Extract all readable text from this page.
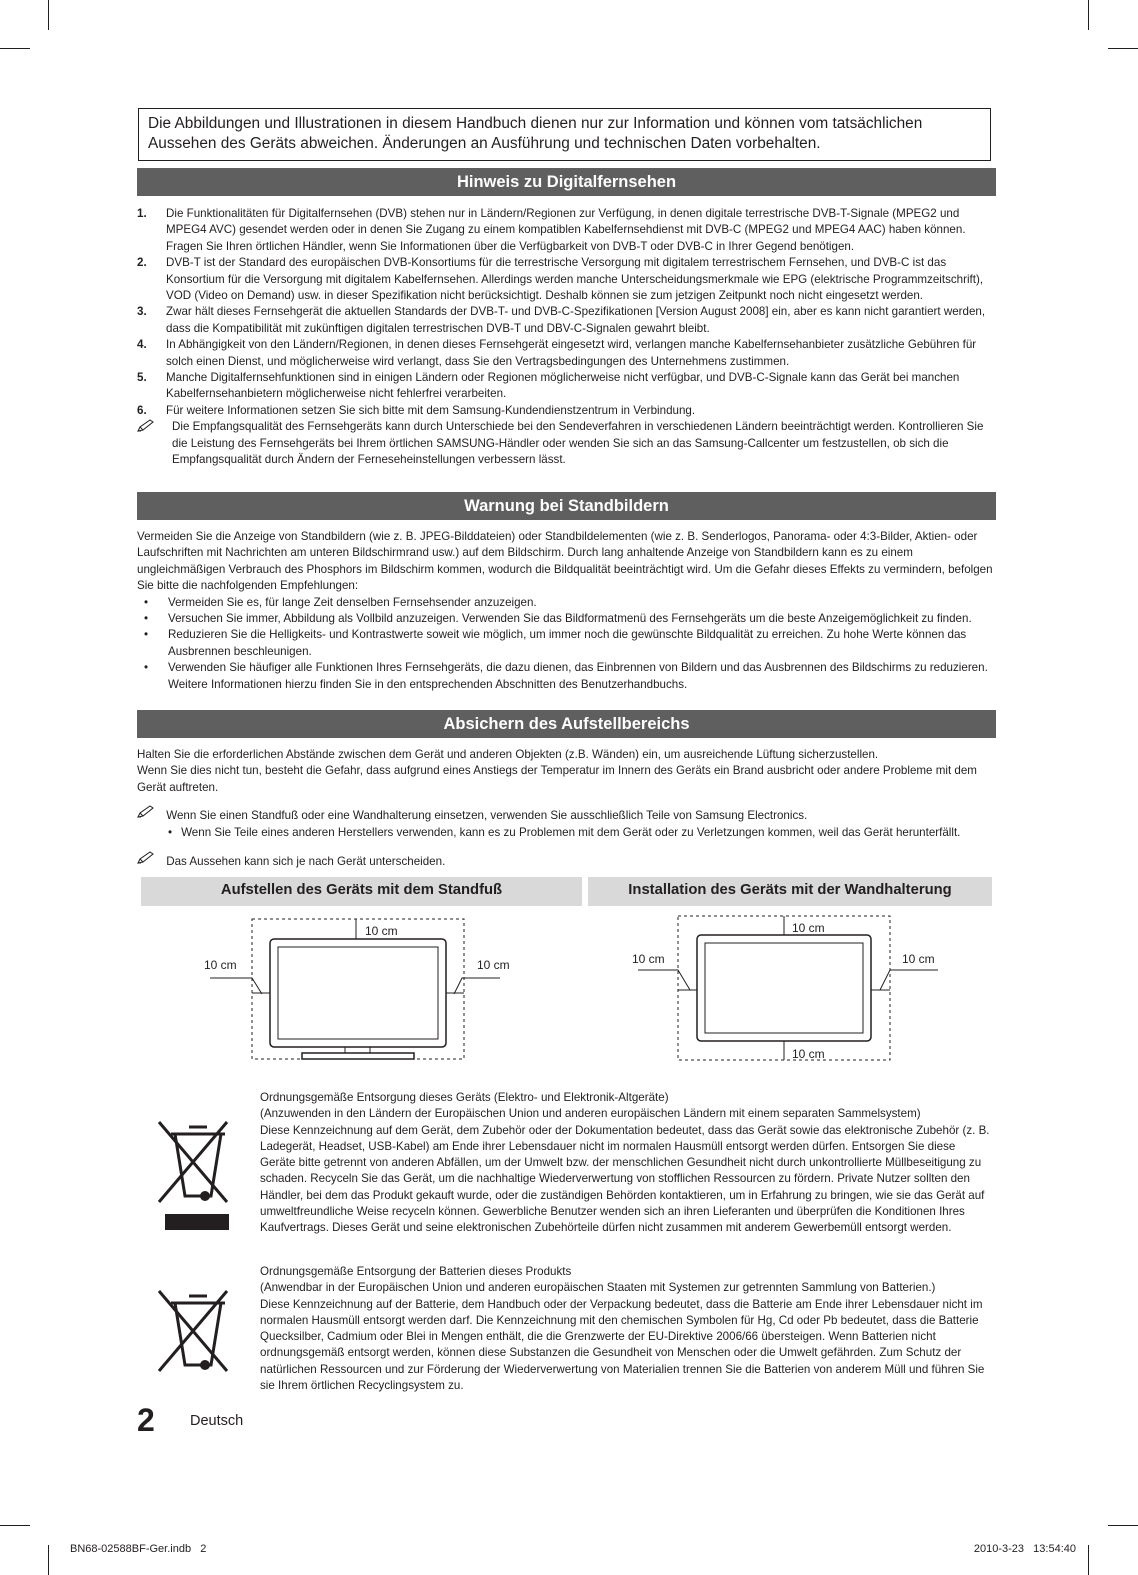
Die Abbildungen und Illustrationen in diesem Handbuch dienen nur zur Information und können vom tatsächlichen Aussehen des Geräts abweichen. Änderungen an Ausführung und technischen Daten vorbehalten.
Hinweis zu Digitalfernsehen
1. Die Funktionalitäten für Digitalfernsehen (DVB) stehen nur in Ländern/Regionen zur Verfügung, in denen digitale terrestrische DVB-T-Signale (MPEG2 und MPEG4 AVC) gesendet werden oder in denen Sie Zugang zu einem kompatiblen Kabelfernsehdienst mit DVB-C (MPEG2 und MPEG4 AAC) haben können. Fragen Sie Ihren örtlichen Händler, wenn Sie Informationen über die Verfügbarkeit von DVB-T oder DVB-C in Ihrer Gegend benötigen.
2. DVB-T ist der Standard des europäischen DVB-Konsortiums für die terrestrische Versorgung mit digitalem terrestrischem Fernsehen, und DVB-C ist das Konsortium für die Versorgung mit digitalem Kabelfernsehen. Allerdings werden manche Unterscheidungsmerkmale wie EPG (elektrische Programmzeitschrift), VOD (Video on Demand) usw. in dieser Spezifikation nicht berücksichtigt. Deshalb können sie zum jetzigen Zeitpunkt noch nicht eingesetzt werden.
3. Zwar hält dieses Fernsehgerät die aktuellen Standards der DVB-T- und DVB-C-Spezifikationen [Version August 2008] ein, aber es kann nicht garantiert werden, dass die Kompatibilität mit zukünftigen digitalen terrestrischen DVB-T und DBV-C-Signalen gewahrt bleibt.
4. In Abhängigkeit von den Ländern/Regionen, in denen dieses Fernsehgerät eingesetzt wird, verlangen manche Kabelfernsehanbieter zusätzliche Gebühren für solch einen Dienst, und möglicherweise wird verlangt, dass Sie den Vertragsbedingungen des Unternehmens zustimmen.
5. Manche Digitalfernsehfunktionen sind in einigen Ländern oder Regionen möglicherweise nicht verfügbar, und DVB-C-Signale kann das Gerät bei manchen Kabelfernsehanbietern möglicherweise nicht fehlerfrei verarbeiten.
6. Für weitere Informationen setzen Sie sich bitte mit dem Samsung-Kundendienstzentrum in Verbindung.
Die Empfangsqualität des Fernsehgeräts kann durch Unterschiede bei den Sendeverfahren in verschiedenen Ländern beeinträchtigt werden. Kontrollieren Sie die Leistung des Fernsehgeräts bei Ihrem örtlichen SAMSUNG-Händler oder wenden Sie sich an das Samsung-Callcenter um festzustellen, ob sich die Empfangsqualität durch Ändern der Ferneseheinstellungen verbessern lässt.
Warnung bei Standbildern
Vermeiden Sie die Anzeige von Standbildern (wie z. B. JPEG-Bilddateien) oder Standbildelementen (wie z. B. Senderlogos, Panorama- oder 4:3-Bilder, Aktien- oder Laufschriften mit Nachrichten am unteren Bildschirmrand usw.) auf dem Bildschirm. Durch lang anhaltende Anzeige von Standbildern kann es zu einem ungleichmäßigen Verbrauch des Phosphors im Bildschirm kommen, wodurch die Bildqualität beeinträchtigt wird. Um die Gefahr dieses Effekts zu vermindern, befolgen Sie bitte die nachfolgenden Empfehlungen:
• Vermeiden Sie es, für lange Zeit denselben Fernsehsender anzuzeigen.
• Versuchen Sie immer, Abbildung als Vollbild anzuzeigen. Verwenden Sie das Bildformatmenü des Fernsehgeräts um die beste Anzeigemöglichkeit zu finden.
• Reduzieren Sie die Helligkeits- und Kontrastwerte soweit wie möglich, um immer noch die gewünschte Bildqualität zu erreichen. Zu hohe Werte können das Ausbrennen beschleunigen.
• Verwenden Sie häufiger alle Funktionen Ihres Fernsehgeräts, die dazu dienen, das Einbrennen von Bildern und das Ausbrennen des Bildschirms zu reduzieren. Weitere Informationen hierzu finden Sie in den entsprechenden Abschnitten des Benutzerhandbuchs.
Absichern des Aufstellbereichs
Halten Sie die erforderlichen Abstände zwischen dem Gerät und anderen Objekten (z.B. Wänden) ein, um ausreichende Lüftung sicherzustellen.
Wenn Sie dies nicht tun, besteht die Gefahr, dass aufgrund eines Anstiegs der Temperatur im Innern des Geräts ein Brand ausbricht oder andere Probleme mit dem Gerät auftreten.
Wenn Sie einen Standfuß oder eine Wandhalterung einsetzen, verwenden Sie ausschließlich Teile von Samsung Electronics.
• Wenn Sie Teile eines anderen Herstellers verwenden, kann es zu Problemen mit dem Gerät oder zu Verletzungen kommen, weil das Gerät herunterfällt.
Das Aussehen kann sich je nach Gerät unterscheiden.
Aufstellen des Geräts mit dem Standfuß	Installation des Geräts mit der Wandhalterung
10 cm
10 cm	10 cm
10 cm
10 cm	10 cm
10 cm
Ordnungsgemäße Entsorgung dieses Geräts (Elektro- und Elektronik-Altgeräte)
(Anzuwenden in den Ländern der Europäischen Union und anderen europäischen Ländern mit einem separaten Sammelsystem)
Diese Kennzeichnung auf dem Gerät, dem Zubehör oder der Dokumentation bedeutet, dass das Gerät sowie das elektronische Zubehör (z. B. Ladegerät, Headset, USB-Kabel) am Ende ihrer Lebensdauer nicht im normalen Hausmüll entsorgt werden dürfen. Entsorgen Sie diese Geräte bitte getrennt von anderen Abfällen, um der Umwelt bzw. der menschlichen Gesundheit nicht durch unkontrollierte Müllbeseitigung zu schaden. Recyceln Sie das Gerät, um die nachhaltige Wiederverwertung von stofflichen Ressourcen zu fördern. Private Nutzer sollten den Händler, bei dem das Produkt gekauft wurde, oder die zuständigen Behörden kontaktieren, um in Erfahrung zu bringen, wie sie das Gerät auf umweltfreundliche Weise recyceln können. Gewerbliche Benutzer wenden sich an ihren Lieferanten und überprüfen die Konditionen Ihres Kaufvertrags. Dieses Gerät und seine elektronischen Zubehörteile dürfen nicht zusammen mit anderem Gewerbemüll entsorgt werden.
Ordnungsgemäße Entsorgung der Batterien dieses Produkts
(Anwendbar in der Europäischen Union und anderen europäischen Staaten mit Systemen zur getrennten Sammlung von Batterien.)
Diese Kennzeichnung auf der Batterie, dem Handbuch oder der Verpackung bedeutet, dass die Batterie am Ende ihrer Lebensdauer nicht im normalen Hausmüll entsorgt werden darf. Die Kennzeichnung mit den chemischen Symbolen für Hg, Cd oder Pb bedeutet, dass die Batterie Quecksilber, Cadmium oder Blei in Mengen enthält, die die Grenzwerte der EU-Direktive 2006/66 übersteigen. Wenn Batterien nicht ordnungsgemäß entsorgt werden, können diese Substanzen die Gesundheit von Menschen oder die Umwelt gefährden. Zum Schutz der natürlichen Ressourcen und zur Förderung der Wiederverwertung von Materialien trennen Sie die Batterien von anderem Müll und führen Sie sie Ihrem örtlichen Recyclingsystem zu.
2 Deutsch
BN68-02588BF-Ger.indb   2	2010-3-23   13:54:40
